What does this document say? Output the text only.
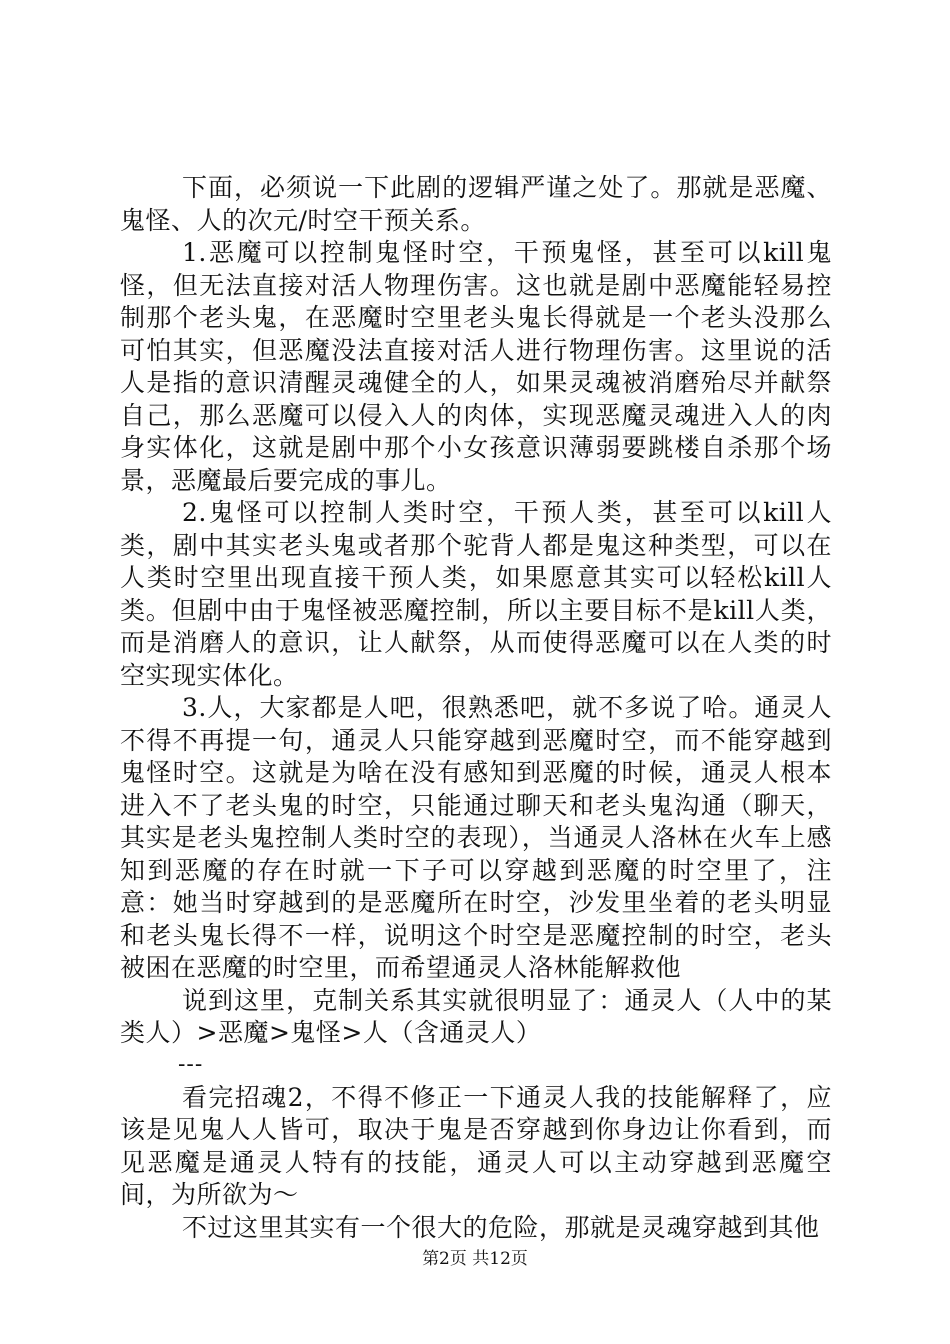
下面，必须说一下此剧的逻辑严谨之处了。那就是恶魔、鬼怪、人的次元/时空干预关系。

1.恶魔可以控制鬼怪时空，干预鬼怪，甚至可以kill鬼怪，但无法直接对活人物理伤害。这也就是剧中恶魔能轻易控制那个老头鬼，在恶魔时空里老头鬼长得就是一个老头没那么可怕其实，但恶魔没法直接对活人进行物理伤害。这里说的活人是指的意识清醒灵魂健全的人，如果灵魂被消磨殆尽并献祭自己，那么恶魔可以侵入人的肉体，实现恶魔灵魂进入人的肉身实体化，这就是剧中那个小女孩意识薄弱要跳楼自杀那个场景，恶魔最后要完成的事儿。

2.鬼怪可以控制人类时空，干预人类，甚至可以kill人类，剧中其实老头鬼或者那个驼背人都是鬼这种类型，可以在人类时空里出现直接干预人类，如果愿意其实可以轻松kill人类。但剧中由于鬼怪被恶魔控制，所以主要目标不是kill人类，而是消磨人的意识，让人献祭，从而使得恶魔可以在人类的时空实现实体化。

3.人，大家都是人吧，很熟悉吧，就不多说了哈。通灵人不得不再提一句，通灵人只能穿越到恶魔时空，而不能穿越到鬼怪时空。这就是为啥在没有感知到恶魔的时候，通灵人根本进入不了老头鬼的时空，只能通过聊天和老头鬼沟通（聊天，其实是老头鬼控制人类时空的表现），当通灵人洛林在火车上感知到恶魔的存在时就一下子可以穿越到恶魔的时空里了，注意：她当时穿越到的是恶魔所在时空，沙发里坐着的老头明显和老头鬼长得不一样，说明这个时空是恶魔控制的时空，老头被困在恶魔的时空里，而希望通灵人洛林能解救他

说到这里，克制关系其实就很明显了：通灵人（人中的某类人）>恶魔>鬼怪>人（含通灵人）

---

看完招魂2，不得不修正一下通灵人我的技能解释了，应该是见鬼人人皆可，取决于鬼是否穿越到你身边让你看到，而见恶魔是通灵人特有的技能，通灵人可以主动穿越到恶魔空间，为所欲为～

不过这里其实有一个很大的危险，那就是灵魂穿越到其他

第2页 共12页
